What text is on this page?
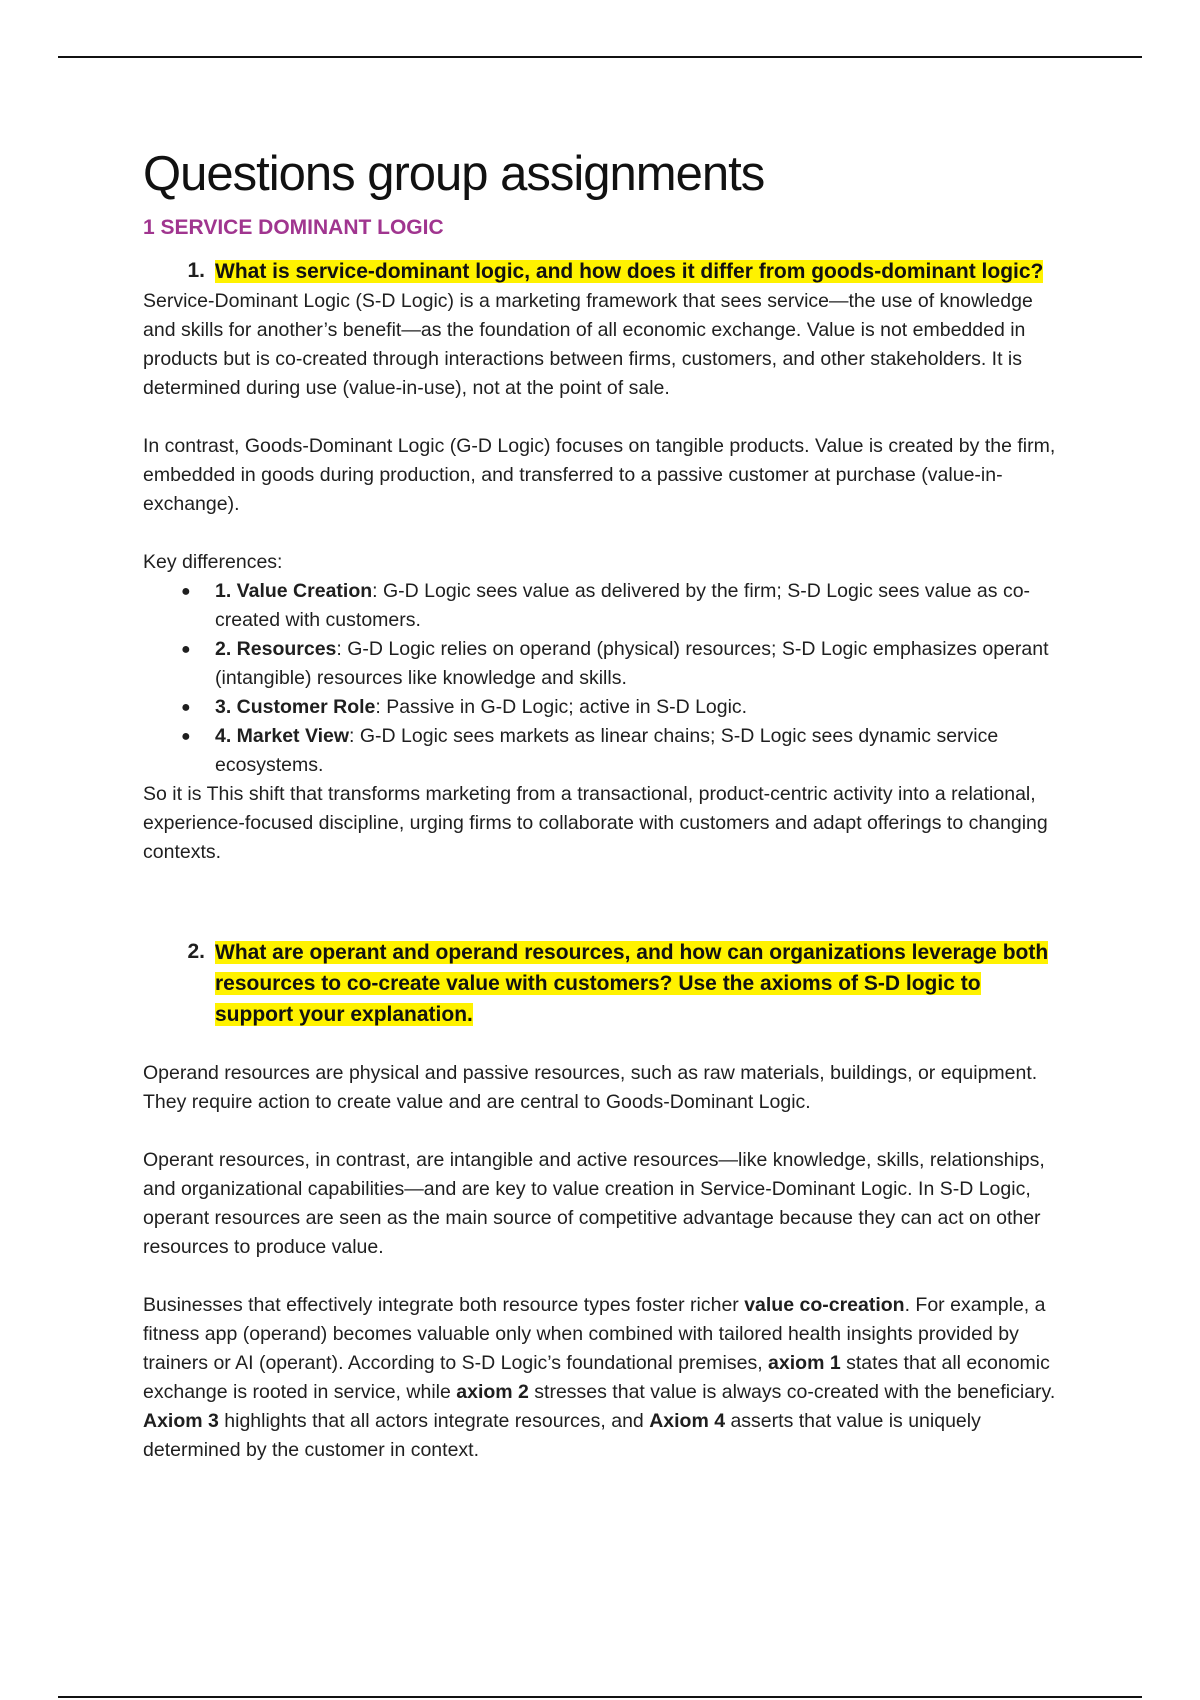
Questions group assignments
1 SERVICE DOMINANT LOGIC
1. What is service-dominant logic, and how does it differ from goods-dominant logic?

Service-Dominant Logic (S-D Logic) is a marketing framework that sees service—the use of knowledge and skills for another’s benefit—as the foundation of all economic exchange. Value is not embedded in products but is co-created through interactions between firms, customers, and other stakeholders. It is determined during use (value-in-use), not at the point of sale.

In contrast, Goods-Dominant Logic (G-D Logic) focuses on tangible products. Value is created by the firm, embedded in goods during production, and transferred to a passive customer at purchase (value-in-exchange).

Key differences:

●	1. Value Creation: G-D Logic sees value as delivered by the firm; S-D Logic sees value as co-created with customers.
●	2. Resources: G-D Logic relies on operand (physical) resources; S-D Logic emphasizes operant (intangible) resources like knowledge and skills.
●	3. Customer Role: Passive in G-D Logic; active in S-D Logic.
●	4. Market View: G-D Logic sees markets as linear chains; S-D Logic sees dynamic service ecosystems.

So it is This shift that transforms marketing from a transactional, product-centric activity into a relational, experience-focused discipline, urging firms to collaborate with customers and adapt offerings to changing contexts.

2. What are operant and operand resources, and how can organizations leverage both resources to co-create value with customers? Use the axioms of S-D logic to support your explanation.

Operand resources are physical and passive resources, such as raw materials, buildings, or equipment. They require action to create value and are central to Goods-Dominant Logic.

Operant resources, in contrast, are intangible and active resources—like knowledge, skills, relationships, and organizational capabilities—and are key to value creation in Service-Dominant Logic. In S-D Logic, operant resources are seen as the main source of competitive advantage because they can act on other resources to produce value.

Businesses that effectively integrate both resource types foster richer value co-creation. For example, a fitness app (operand) becomes valuable only when combined with tailored health insights provided by trainers or AI (operant). According to S-D Logic’s foundational premises, axiom 1 states that all economic exchange is rooted in service, while axiom 2 stresses that value is always co-created with the beneficiary. Axiom 3 highlights that all actors integrate resources, and Axiom 4 asserts that value is uniquely determined by the customer in context.
